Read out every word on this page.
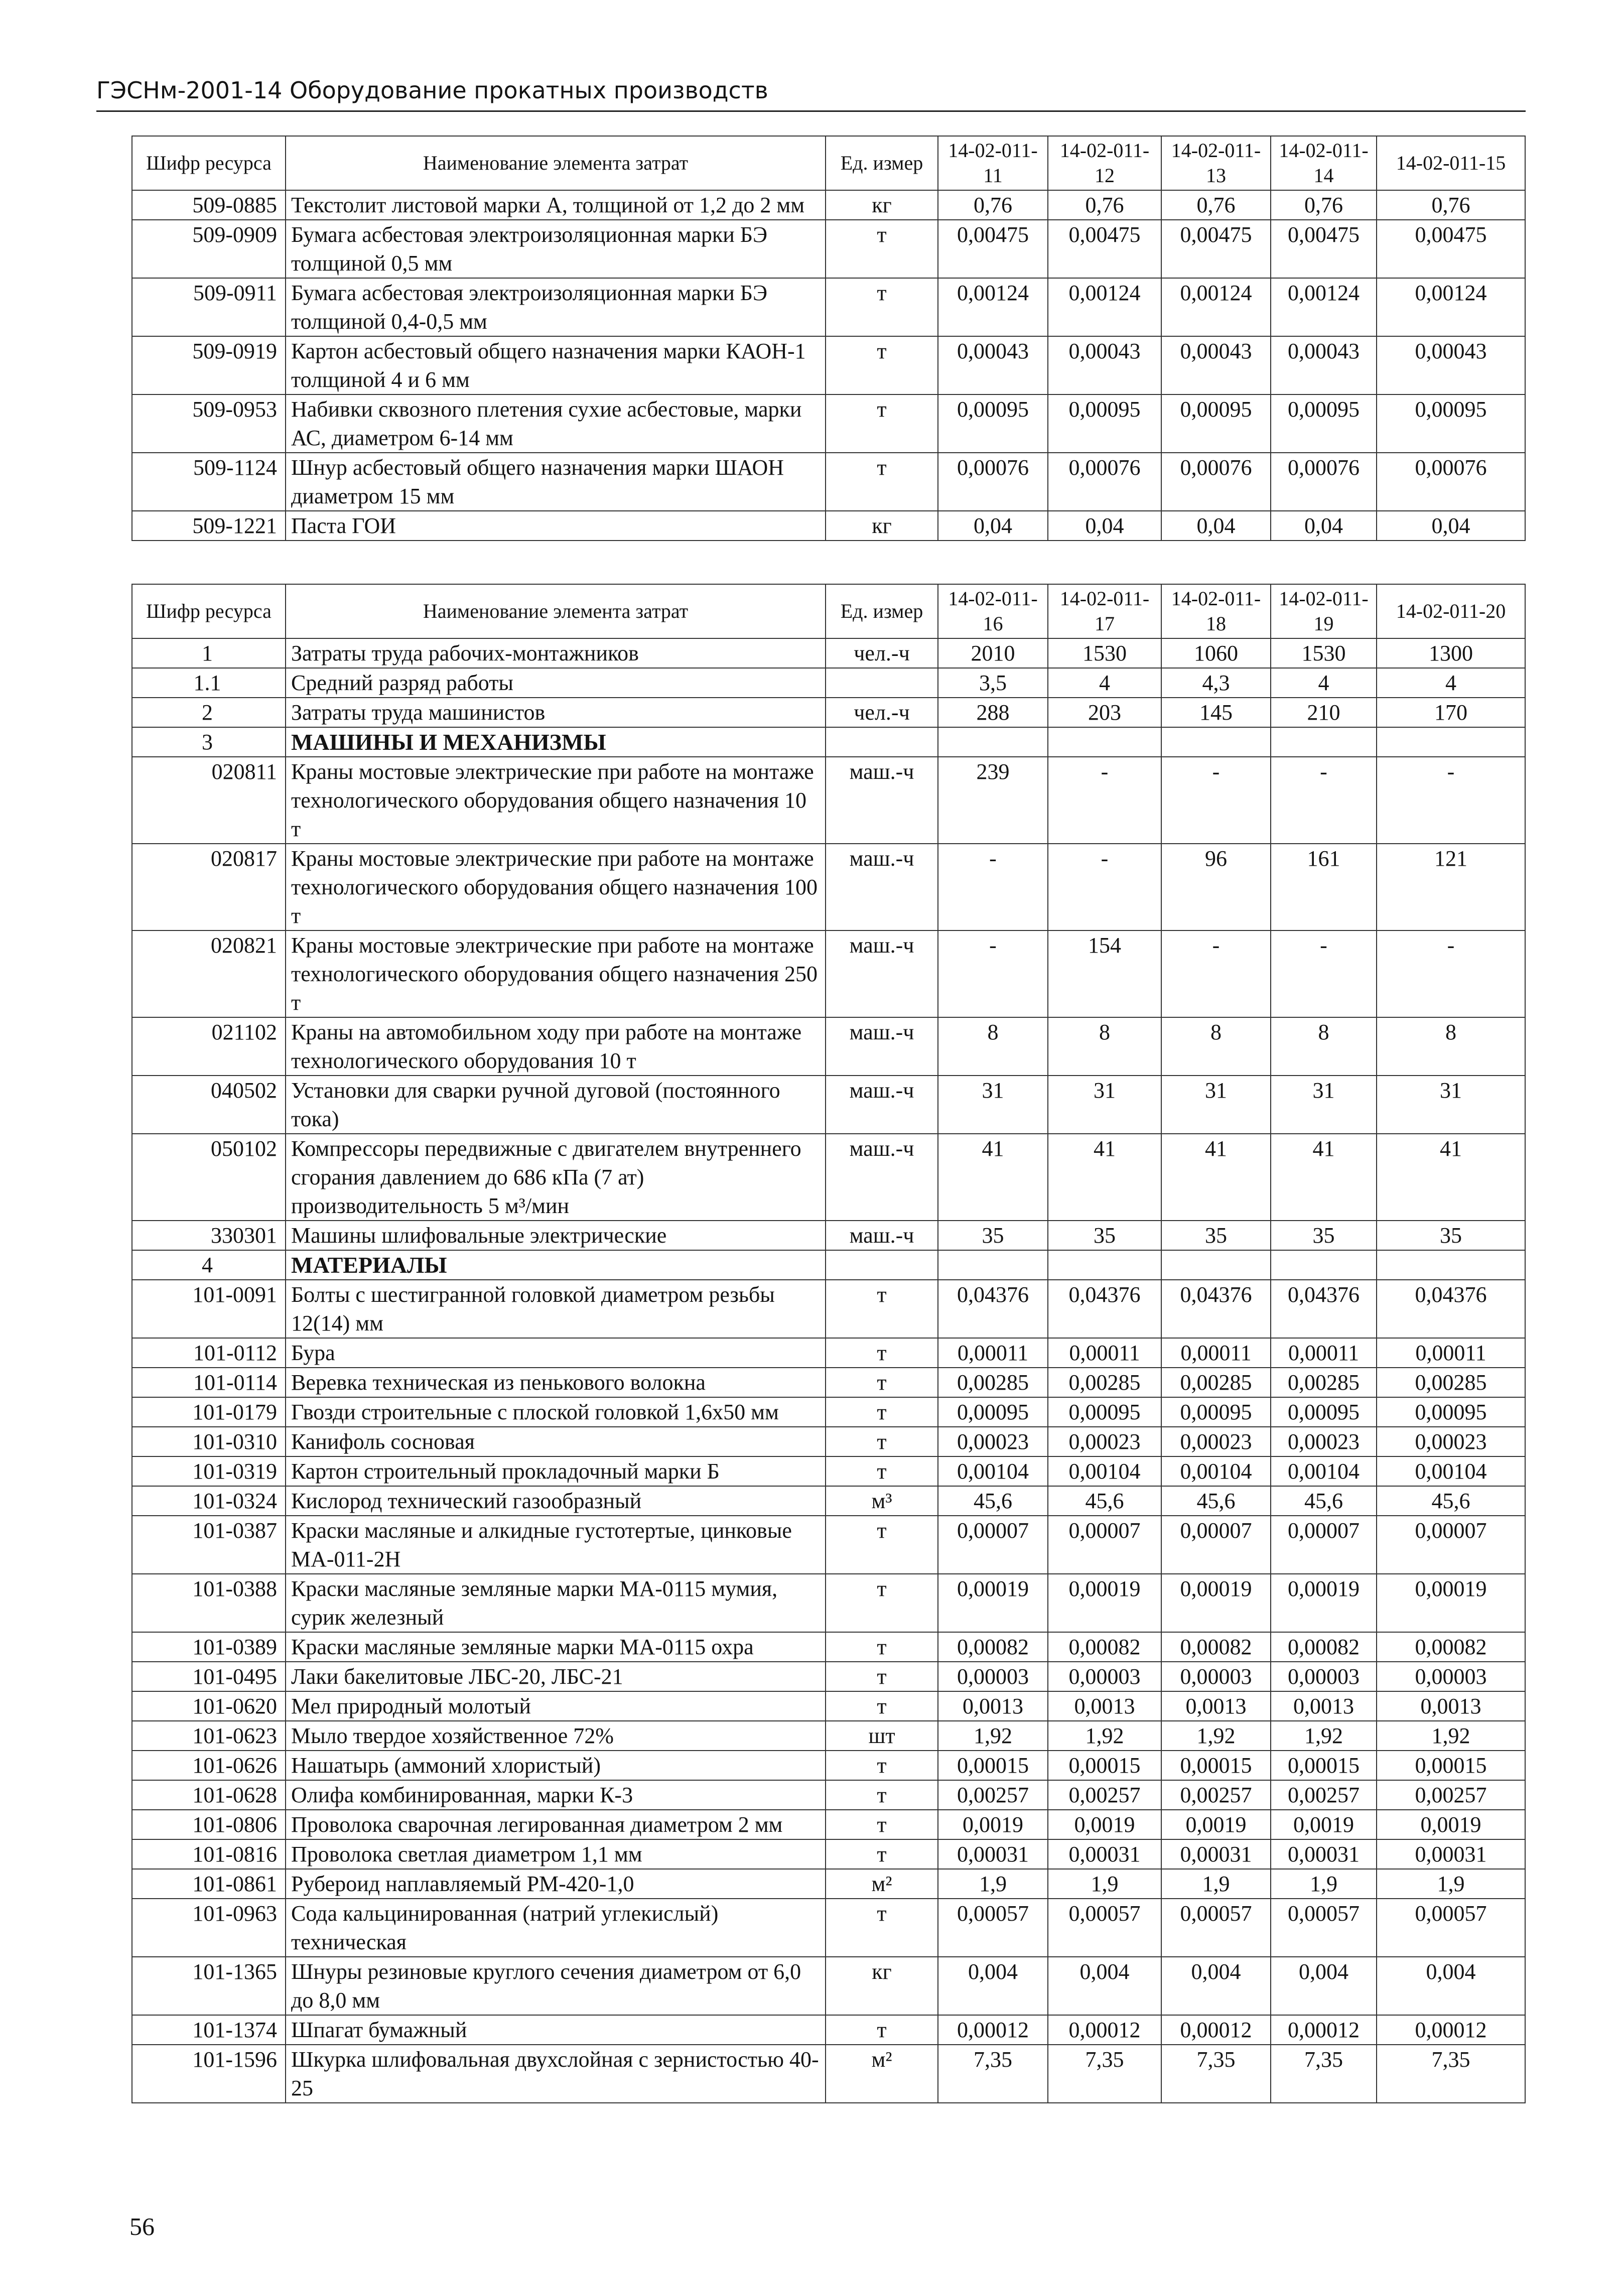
ГЭСНм-2001-14 Оборудование прокатных производств
Шифр ресурса	Наименование элемента затрат	Ед. измер	14-02-011-11	14-02-011-12	14-02-011-13	14-02-011-14	14-02-011-15
509-0885	Текстолит листовой марки А, толщиной от 1,2 до 2 мм	кг	0,76	0,76	0,76	0,76	0,76
509-0909	Бумага асбестовая электроизоляционная марки БЭ толщиной 0,5 мм	т	0,00475	0,00475	0,00475	0,00475	0,00475
509-0911	Бумага асбестовая электроизоляционная марки БЭ толщиной 0,4-0,5 мм	т	0,00124	0,00124	0,00124	0,00124	0,00124
509-0919	Картон асбестовый общего назначения марки КАОН-1 толщиной 4 и 6 мм	т	0,00043	0,00043	0,00043	0,00043	0,00043
509-0953	Набивки сквозного плетения сухие асбестовые, марки АС, диаметром 6-14 мм	т	0,00095	0,00095	0,00095	0,00095	0,00095
509-1124	Шнур асбестовый общего назначения марки ШАОН диаметром 15 мм	т	0,00076	0,00076	0,00076	0,00076	0,00076
509-1221	Паста ГОИ	кг	0,04	0,04	0,04	0,04	0,04
Шифр ресурса	Наименование элемента затрат	Ед. измер	14-02-011-16	14-02-011-17	14-02-011-18	14-02-011-19	14-02-011-20
1	Затраты труда рабочих-монтажников	чел.-ч	2010	1530	1060	1530	1300
1.1	Средний разряд работы		3,5	4	4,3	4	4
2	Затраты труда машинистов	чел.-ч	288	203	145	210	170
3	МАШИНЫ И МЕХАНИЗМЫ						
020811	Краны мостовые электрические при работе на монтаже технологического оборудования общего назначения 10 т	маш.-ч	239	-	-	-	-
020817	Краны мостовые электрические при работе на монтаже технологического оборудования общего назначения 100 т	маш.-ч	-	-	96	161	121
020821	Краны мостовые электрические при работе на монтаже технологического оборудования общего назначения 250 т	маш.-ч	-	154	-	-	-
021102	Краны на автомобильном ходу при работе на монтаже технологического оборудования 10 т	маш.-ч	8	8	8	8	8
040502	Установки для сварки ручной дуговой (постоянного тока)	маш.-ч	31	31	31	31	31
050102	Компрессоры передвижные с двигателем внутреннего сгорания давлением до 686 кПа (7 ат) производительность 5 м³/мин	маш.-ч	41	41	41	41	41
330301	Машины шлифовальные электрические	маш.-ч	35	35	35	35	35
4	МАТЕРИАЛЫ						
101-0091	Болты с шестигранной головкой диаметром резьбы 12(14) мм	т	0,04376	0,04376	0,04376	0,04376	0,04376
101-0112	Бура	т	0,00011	0,00011	0,00011	0,00011	0,00011
101-0114	Веревка техническая из пенькового волокна	т	0,00285	0,00285	0,00285	0,00285	0,00285
101-0179	Гвозди строительные с плоской головкой 1,6х50 мм	т	0,00095	0,00095	0,00095	0,00095	0,00095
101-0310	Канифоль сосновая	т	0,00023	0,00023	0,00023	0,00023	0,00023
101-0319	Картон строительный прокладочный марки Б	т	0,00104	0,00104	0,00104	0,00104	0,00104
101-0324	Кислород технический газообразный	м³	45,6	45,6	45,6	45,6	45,6
101-0387	Краски масляные и алкидные густотертые, цинковые МА-011-2Н	т	0,00007	0,00007	0,00007	0,00007	0,00007
101-0388	Краски масляные земляные марки МА-0115 мумия, сурик железный	т	0,00019	0,00019	0,00019	0,00019	0,00019
101-0389	Краски масляные земляные марки МА-0115 охра	т	0,00082	0,00082	0,00082	0,00082	0,00082
101-0495	Лаки бакелитовые ЛБС-20, ЛБС-21	т	0,00003	0,00003	0,00003	0,00003	0,00003
101-0620	Мел природный молотый	т	0,0013	0,0013	0,0013	0,0013	0,0013
101-0623	Мыло твердое хозяйственное 72%	шт	1,92	1,92	1,92	1,92	1,92
101-0626	Нашатырь (аммоний хлористый)	т	0,00015	0,00015	0,00015	0,00015	0,00015
101-0628	Олифа комбинированная, марки К-3	т	0,00257	0,00257	0,00257	0,00257	0,00257
101-0806	Проволока сварочная легированная диаметром 2 мм	т	0,0019	0,0019	0,0019	0,0019	0,0019
101-0816	Проволока светлая диаметром 1,1 мм	т	0,00031	0,00031	0,00031	0,00031	0,00031
101-0861	Рубероид наплавляемый РМ-420-1,0	м²	1,9	1,9	1,9	1,9	1,9
101-0963	Сода кальцинированная (натрий углекислый) техническая	т	0,00057	0,00057	0,00057	0,00057	0,00057
101-1365	Шнуры резиновые круглого сечения диаметром от 6,0 до 8,0 мм	кг	0,004	0,004	0,004	0,004	0,004
101-1374	Шпагат бумажный	т	0,00012	0,00012	0,00012	0,00012	0,00012
101-1596	Шкурка шлифовальная двухслойная с зернистостью 40-25	м²	7,35	7,35	7,35	7,35	7,35
56
